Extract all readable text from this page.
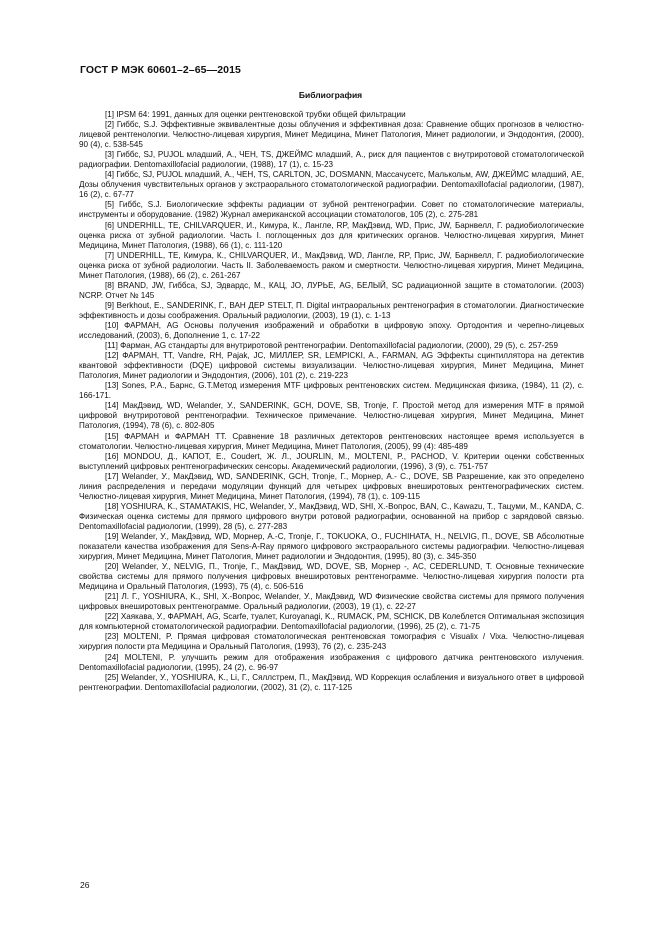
ГОСТ Р МЭК 60601–2–65—2015
Библиография

[1] IPSM 64: 1991, данных для оценки рентгеновской трубки общей фильтрации

[2] Гиббс, S.J. Эффективные эквивалентные дозы облучения и эффективная доза: Сравнение общих прогнозов в челюстно-лицевой рентгенологии. Челюстно-лицевая хирургия, Минет Медицина, Минет Патология, Минет радиологии, и Эндодонтия, (2000), 90 (4), с. 538-545

[3] Гиббс, SJ, PUJOL младший, А., ЧЕН, TS, ДЖЕЙМС младший, А., риск для пациентов с внутриротовой стоматологической радиографии. Dentomaxillofacial радиологии, (1988), 17 (1), с. 15-23

[4] Гиббс, SJ, PUJOL младший, А., ЧЕН, TS, CARLTON, JC, DOSMANN, Массачусетс, Малькольм, AW, ДЖЕЙМС младший, AE, Дозы облучения чувствительных органов у экстраорального стоматологической радиографии. Dentomaxillofacial радиологии, (1987), 16 (2), с. 67-77

[5] Гиббс, S.J. Биологические эффекты радиации от зубной рентгенографии. Совет по стоматологические материалы, инструменты и оборудование. (1982) Журнал американской ассоциации стоматологов, 105 (2), с. 275-281

[6] UNDERHILL, TE, CHILVARQUER, И., Кимура, К., Лангле, RP, МакДэвид, WD, Прис, JW, Барнвелл, Г. радиобиологические оценка риска от зубной радиологии. Часть I. поглощенных доз для критических органов. Челюстно-лицевая хирургия, Минет Медицина, Минет Патология, (1988), 66 (1), с. 111-120

[7] UNDERHILL, TE, Кимура, К., CHILVARQUER, И., МакДэвид, WD, Лангле, RP, Прис, JW, Барнвелл, Г. радиобиологические оценка риска от зубной радиологии. Часть II. Заболеваемость раком и смертности. Челюстно-лицевая хирургия, Минет Медицина, Минет Патология, (1988), 66 (2), с. 261-267

[8] BRAND, JW, Гиббса, SJ, Эдвардс, М., КАЦ, JO, ЛУРЬЕ, AG, БЕЛЫЙ, SC радиационной защите в стоматологии. (2003) NCRP. Отчет № 145

[9] Berkhout, E., SANDERINK, Г., ВАН ДЕР STELT, П. Digital интраоральных рентгенография в стоматологии. Диагностические эффективность и дозы соображения. Оральный радиологии, (2003), 19 (1), с. 1-13

[10] ФАРМАН, AG Основы получения изображений и обработки в цифровую эпоху. Ортодонтия и черепно-лицевых исследований, (2003), 6, Дополнение 1, с. 17-22

[11] Фарман, AG стандарты для внутриротовой рентгенографии. Dentomaxillofacial радиологии, (2000), 29 (5), с. 257-259

[12] ФАРМАН, TT, Vandre, RH, Pajak, JC, МИЛЛЕР, SR, LEMPICKI, A., FARMAN, AG Эффекты сцинтиллятора на детектив квантовой эффективности (DQE) цифровой системы визуализации. Челюстно-лицевая хирургия, Минет Медицина, Минет Патология, Минет радиологии и Эндодонтия, (2006), 101 (2), с. 219-223

[13] Sones, P.A., Барнс, G.T.Метод измерения MTF цифровых рентгеновских систем. Медицинская физика, (1984), 11 (2), с. 166-171.

[14] МакДэвид, WD, Welander, У., SANDERINK, GCH, DOVE, SB, Tronje, Г. Простой метод для измерения MTF в прямой цифровой внутриротовой рентгенографии. Техническое примечание. Челюстно-лицевая хирургия, Минет Медицина, Минет Патология, (1994), 78 (6), с. 802-805

[15] ФАРМАН и ФАРМАН TT. Сравнение 18 различных детекторов рентгеновских настоящее время используется в стоматологии. Челюстно-лицевая хирургия, Минет Медицина, Минет Патология, (2005), 99 (4): 485-489

[16] MONDOU, Д., КАПОТ, Е., Coudert, Ж. Л., JOURLIN, M., MOLTENI, P., PACHOD, V. Критерии оценки собственных выступлений цифровых рентгенографических сенсоры. Академический радиологии, (1996), 3 (9), с. 751-757

[17] Welander, У., МакДэвид, WD, SANDERINK, GCH, Tronje, Г., Морнер, A.- C., DOVE, SB Разрешение, как это определено линия распределения и передачи модуляции функций для четырех цифровых внеширотовых рентгенографических систем. Челюстно-лицевая хирургия, Минет Медицина, Минет Патология, (1994), 78 (1), с. 109-115

[18] YOSHIURA, K., STAMATAKIS, HC, Welander, У., МакДэвид, WD, SHI, X.-Вопрос, BAN, C., Kawazu, T., Тацуми, M., KANDA, C. Физическая оценка системы для прямого цифрового внутри ротовой радиографии, основанной на прибор с зарядовой связью. Dentomaxillofacial радиологии, (1999), 28 (5), с. 277-283

[19] Welander, У., МакДэвид, WD, Морнер, A.-C, Tronje, Г., TOKUOKA, O., FUCHIHATA, H., NELVIG, П., DOVE, SB Абсолютные показатели качества изображения для Sens-A-Ray прямого цифрового экстраорального системы радиографии. Челюстно-лицевая хирургия, Минет Медицина, Минет Патология, Минет радиологии и Эндодонтия, (1995), 80 (3), с. 345-350

[20] Welander, У., NELVIG, П., Tronje, Г., МакДэвид, WD, DOVE, SB, Морнер -, AC, CEDERLUND, Т. Основные технические свойства системы для прямого получения цифровых внеширотовых рентгенограмме. Челюстно-лицевая хирургия полости рта Медицина и Оральный Патология, (1993), 75 (4), с. 506-516

[21] Л. Г., YOSHIURA, K., SHI, X.-Вопрос, Welander, У., МакДэвид, WD Физические свойства системы для прямого получения цифровых внеширотовых рентгенограмме. Оральный радиологии, (2003), 19 (1), с. 22-27

[22] Хаякава, У., ФАРМАН, AG, Scarfe, туалет, Kuroyanagi, K., RUMACK, PM, SCHICK, DB Колеблется Оптимальная экспозиция для компьютерной стоматологической радиографии. Dentomaxillofacial радиологии, (1996), 25 (2), с. 71-75

[23] MOLTENI, P. Прямая цифровая стоматологическая рентгеновская томография с Visualix / Vixa. Челюстно-лицевая хирургия полости рта Медицина и Оральный Патология, (1993), 76 (2), с. 235-243

[24] MOLTENI, P. улучшить режим для отображения изображения с цифрового датчика рентгеновского излучения. Dentomaxillofacial радиологии, (1995), 24 (2), с. 96-97

[25] Welander, У., YOSHIURA, K., Li, Г., Сяллстрем, П., МакДэвид, WD Коррекция ослабления и визуального ответ в цифровой рентгенографии. Dentomaxillofacial радиологии, (2002), 31 (2), с. 117-125

26
